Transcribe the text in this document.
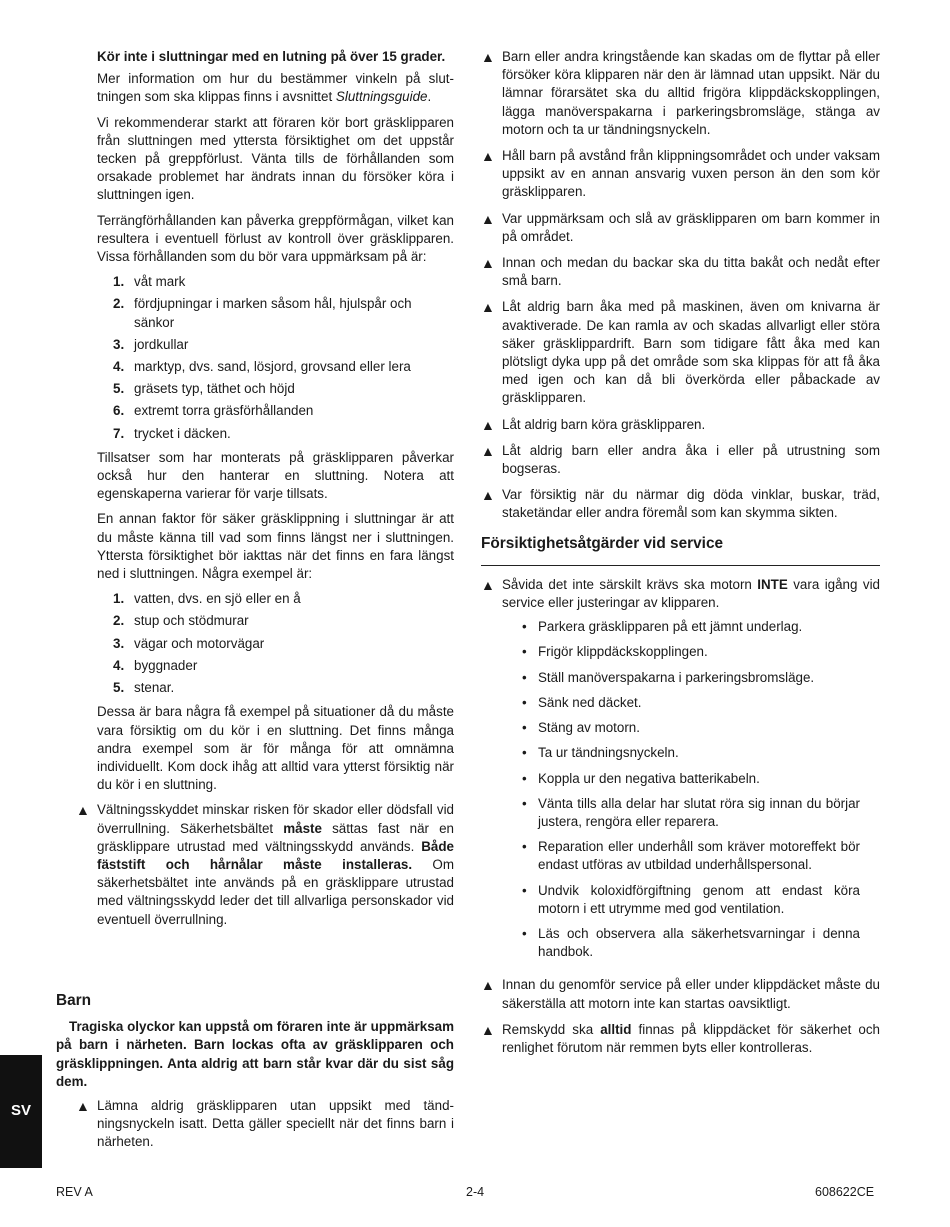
Kör inte i sluttningar med en lutning på över 15 grader.

Mer information om hur du bestämmer vinkeln på sluttningen som ska klippas finns i avsnittet Sluttningsguide.

Vi rekommenderar starkt att föraren kör bort gräsklipparen från sluttningen med yttersta försiktighet om det uppstår tecken på greppförlust. Vänta tills de förhållanden som orsakade problemet har ändrats innan du försöker köra i sluttningen igen.

Terrängförhållanden kan påverka greppförmågan, vilket kan resultera i eventuell förlust av kontroll över gräsklipparen. Vissa förhållanden som du bör vara uppmärksam på är:

1. våt mark
2. fördjupningar i marken såsom hål, hjulspår och sänkor
3. jordkullar
4. marktyp, dvs. sand, lösjord, grovsand eller lera
5. gräsets typ, täthet och höjd
6. extremt torra gräsförhållanden
7. trycket i däcken.

Tillsatser som har monterats på gräsklipparen påverkar också hur den hanterar en sluttning. Notera att egenskaperna varierar för varje tillsats.

En annan faktor för säker gräsklippning i sluttningar är att du måste känna till vad som finns längst ner i sluttningen. Yttersta försiktighet bör iakttas när det finns en fara längst ned i sluttningen. Några exempel är:

1. vatten, dvs. en sjö eller en å
2. stup och stödmurar
3. vägar och motorvägar
4. byggnader
5. stenar.

Dessa är bara några få exempel på situationer då du måste vara försiktig om du kör i en sluttning. Det finns många andra exempel som är för många för att omnämna individuellt. Kom dock ihåg att alltid vara ytterst försiktig när du kör i en sluttning.

▲ Vältningsskyddet minskar risken för skador eller dödsfall vid överrullning. Säkerhetsbältet måste sättas fast när en gräsklippare utrustad med vältningsskydd används. Både fäststift och hårnålar måste installeras. Om säkerhetsbältet inte används på en gräsklippare utrustad med vältningsskydd leder det till allvarliga personskador vid eventuell överrullning.
Barn

Tragiska olyckor kan uppstå om föraren inte är uppmärksam på barn i närheten. Barn lockas ofta av gräsklipparen och gräsklippningen. Anta aldrig att barn står kvar där du sist såg dem.

▲ Lämna aldrig gräsklipparen utan uppsikt med tändningsnyckeln isatt. Detta gäller speciellt när det finns barn i närheten.
▲ Barn eller andra kringstående kan skadas om de flyttar på eller försöker köra klipparen när den är lämnad utan uppsikt. När du lämnar förarsätet ska du alltid frigöra klippdäckskopplingen, lägga manöverspakarna i parkeringsbromsläge, stänga av motorn och ta ur tändningsnyckeln.
▲ Håll barn på avstånd från klippningsområdet och under vaksam uppsikt av en annan ansvarig vuxen person än den som kör gräsklipparen.
▲ Var uppmärksam och slå av gräsklipparen om barn kommer in på området.
▲ Innan och medan du backar ska du titta bakåt och nedåt efter små barn.
▲ Låt aldrig barn åka med på maskinen, även om knivarna är avaktiverade. De kan ramla av och skadas allvarligt eller störa säker gräsklippardrift. Barn som tidigare fått åka med kan plötsligt dyka upp på det område som ska klippas för att få åka med igen och kan då bli överkörda eller påbackade av gräsklipparen.
▲ Låt aldrig barn köra gräsklipparen.
▲ Låt aldrig barn eller andra åka i eller på utrustning som bogseras.
▲ Var försiktig när du närmar dig döda vinklar, buskar, träd, staketändar eller andra föremål som kan skymma sikten.
Försiktighetsåtgärder vid service
▲ Såvida det inte särskilt krävs ska motorn INTE vara igång vid service eller justeringar av klipparen.
• Parkera gräsklipparen på ett jämnt underlag.
• Frigör klippdäckskopplingen.
• Ställ manöverspakarna i parkeringsbromsläge.
• Sänk ned däcket.
• Stäng av motorn.
• Ta ur tändningsnyckeln.
• Koppla ur den negativa batterikabeln.
• Vänta tills alla delar har slutat röra sig innan du börjar justera, rengöra eller reparera.
• Reparation eller underhåll som kräver motoreffekt bör endast utföras av utbildad underhållspersonal.
• Undvik koloxidförgiftning genom att endast köra motorn i ett utrymme med god ventilation.
• Läs och observera alla säkerhetsvarningar i denna handbok.
▲ Innan du genomför service på eller under klippdäcket måste du säkerställa att motorn inte kan startas oavsiktligt.
▲ Remskydd ska alltid finnas på klippdäcket för säkerhet och renlighet förutom när remmen byts eller kontrolleras.
SV
REV A	2-4	608622CE
